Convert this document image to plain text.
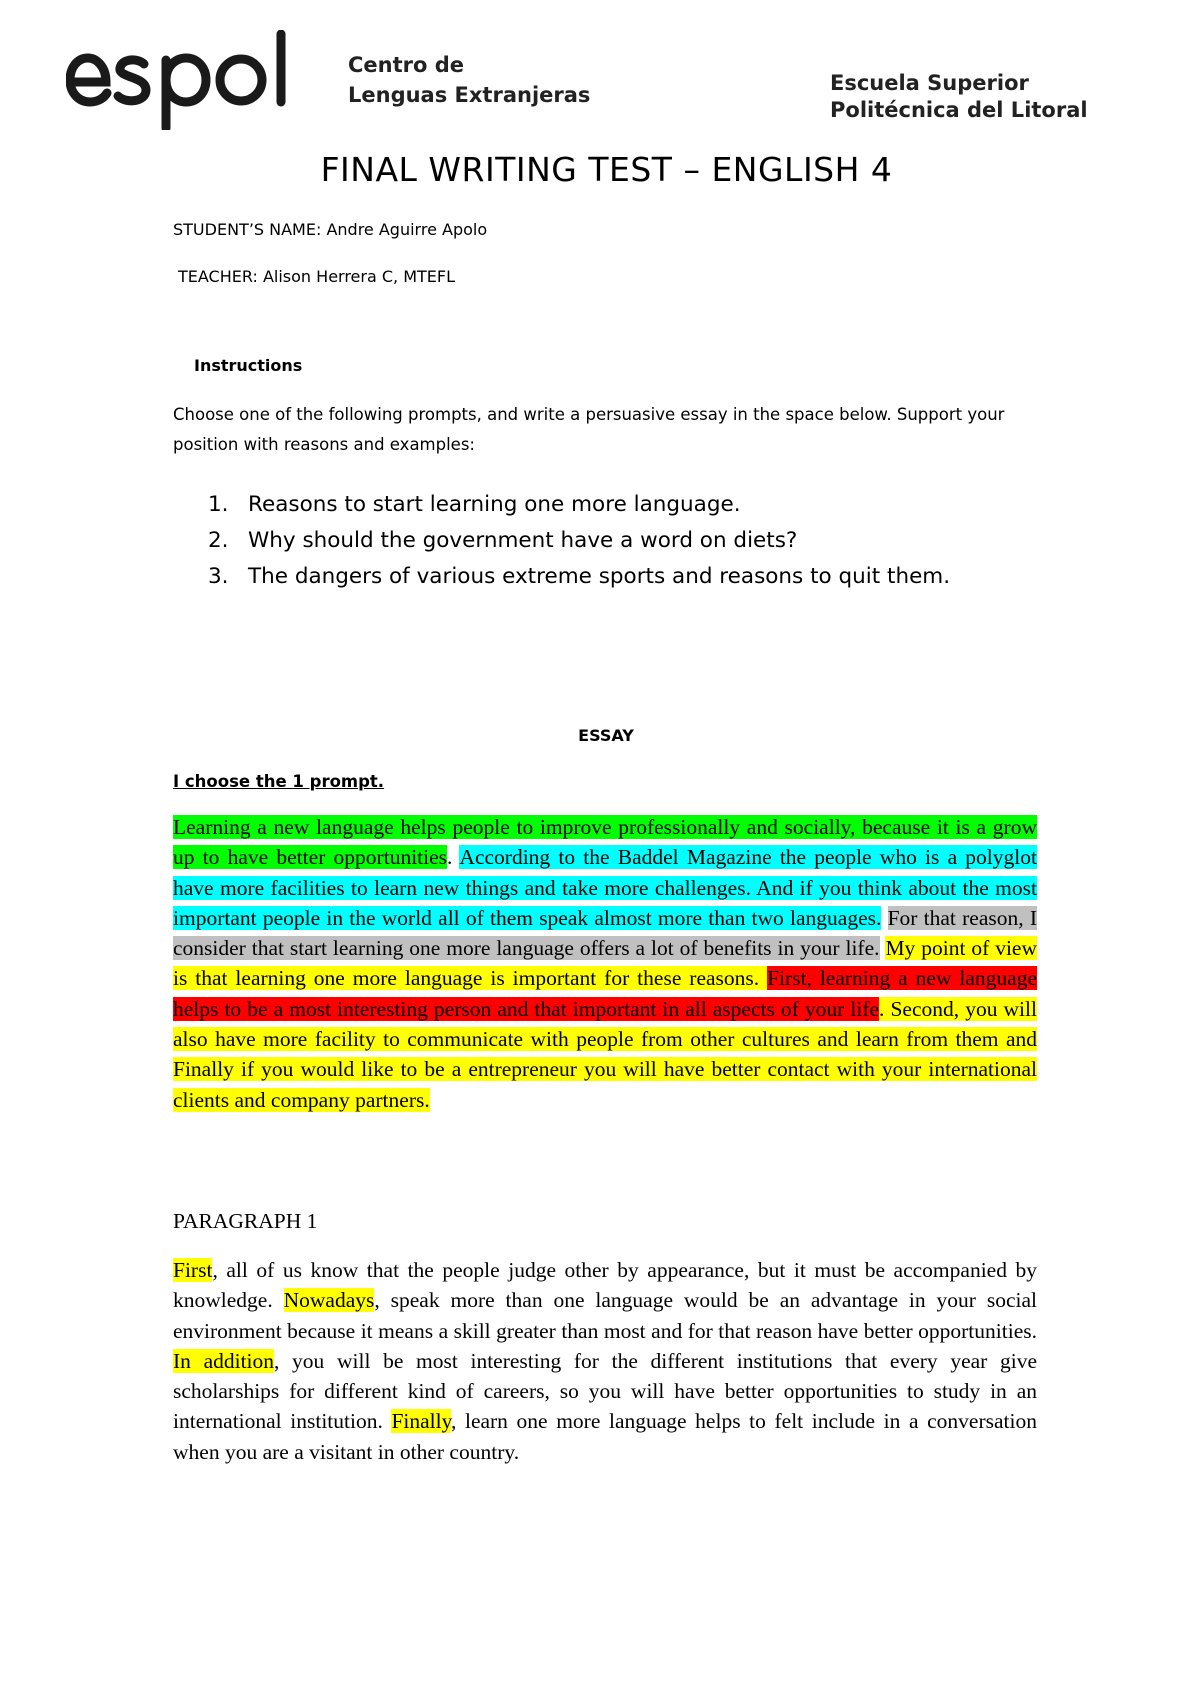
Centro de
Lenguas Extranjeras	Escuela Superior
Politécnica del Litoral
FINAL WRITING TEST – ENGLISH 4
STUDENT’S NAME: Andre Aguirre Apolo
TEACHER: Alison Herrera C, MTEFL
Instructions
Choose one of the following prompts, and write a persuasive essay in the space below. Support your position with reasons and examples:
1. Reasons to start learning one more language.
2. Why should the government have a word on diets?
3. The dangers of various extreme sports and reasons to quit them.
ESSAY
I choose the 1 prompt.

Learning a new language helps people to improve professionally and socially, because it is a grow up to have better opportunities. According to the Baddel Magazine the people who is a polyglot have more facilities to learn new things and take more challenges. And if you think about the most important people in the world all of them speak almost more than two languages. For that reason, I consider that start learning one more language offers a lot of benefits in your life. My point of view is that learning one more language is important for these reasons. First, learning a new language helps to be a most interesting person and that important in all aspects of your life. Second, you will also have more facility to communicate with people from other cultures and learn from them and Finally if you would like to be a entrepreneur you will have better contact with your international clients and company partners.

PARAGRAPH 1

First, all of us know that the people judge other by appearance, but it must be accompanied by knowledge. Nowadays, speak more than one language would be an advantage in your social environment because it means a skill greater than most and for that reason have better opportunities. In addition, you will be most interesting for the different institutions that every year give scholarships for different kind of careers, so you will have better opportunities to study in an international institution. Finally, learn one more language helps to felt include in a conversation when you are a visitant in other country.
